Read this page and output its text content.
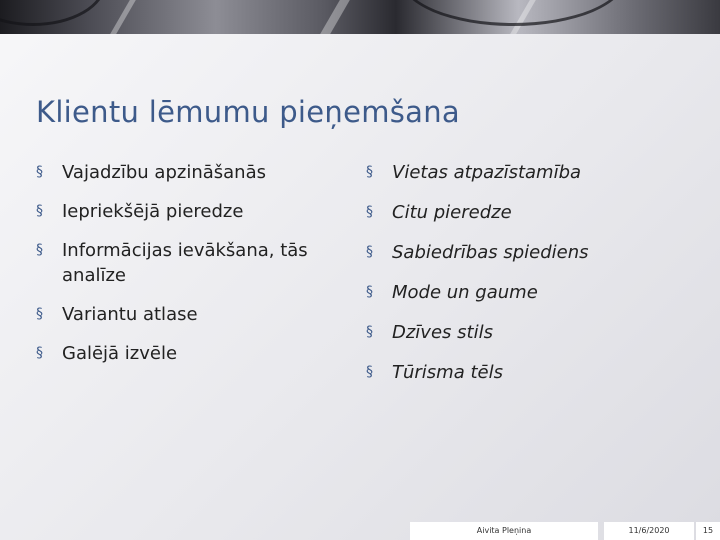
Klientu lēmumu pieņemšana
§	Vajadzību apzināšanās
§	Iepriekšējā pieredze
§	Informācijas ievākšana, tās analīze
§	Variantu atlase
§	Galējā izvēle
§	Vietas atpazīstamība
§	Citu pieredze
§	Sabiedrības spiediens
§	Mode un gaume
§	Dzīves stils
§	Tūrisma tēls
Aivita Pleņina	11/6/2020	15
